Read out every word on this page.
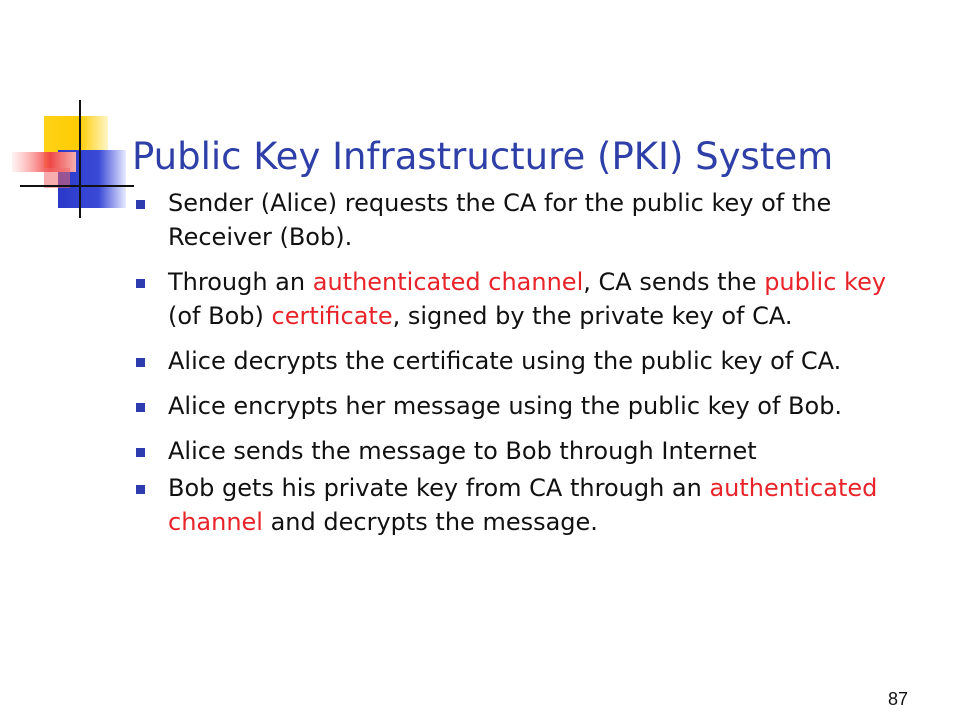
Public Key Infrastructure (PKI) System
Sender (Alice) requests the CA for the public key of the Receiver (Bob).
Through an authenticated channel, CA sends the public key (of Bob) certificate, signed by the private key of CA.
Alice decrypts the certificate using the public key of CA.
Alice encrypts her message using the public key of Bob.
Alice sends the message to Bob through Internet
Bob gets his private key from CA through an authenticated channel and decrypts the message.
87
